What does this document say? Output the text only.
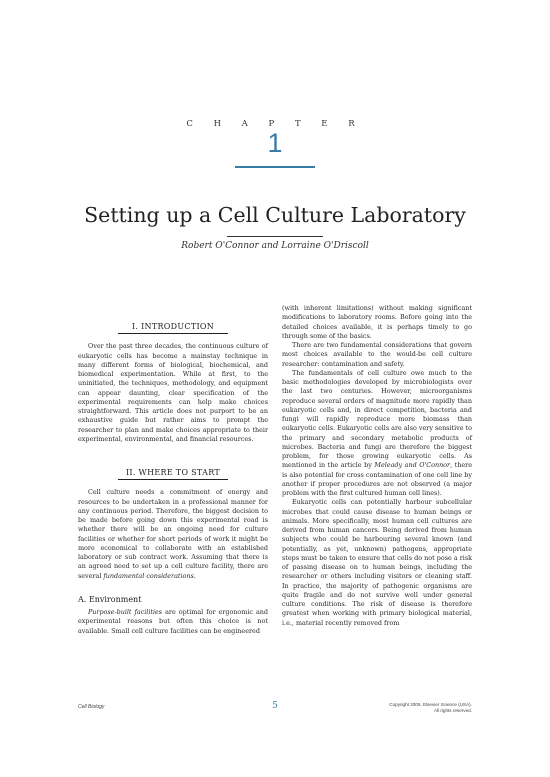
C H A P T E R
1
Setting up a Cell Culture Laboratory
Robert O'Connor and Lorraine O'Driscoll
I. INTRODUCTION

Over the past three decades, the continuous culture of eukaryotic cells has become a mainstay technique in many different forms of biological, biochemical, and biomedical experimentation. While at first, to the uninitiated, the techniques, methodology, and equipment can appear daunting, clear specification of the experimental requirements can help make choices straightforward. This article does not purport to be an exhaustive guide but rather aims to prompt the researcher to plan and make choices appropriate to their experimental, environmental, and financial resources.

II. WHERE TO START

Cell culture needs a commitment of energy and resources to be undertaken in a professional manner for any continuous period. Therefore, the biggest decision to be made before going down this experimental road is whether there will be an ongoing need for culture facilities or whether for short periods of work it might be more economical to collaborate with an established laboratory or sub contract work. Assuming that there is an agreed need to set up a cell culture facility, there are several fundamental considerations.

A. Environment

Purpose-built facilities are optimal for ergonomic and experimental reasons but often this choice is not available. Small cell culture facilities can be engineered

(with inherent limitations) without making significant modifications to laboratory rooms. Before going into the detailed choices available, it is perhaps timely to go through some of the basics.

There are two fundamental considerations that govern most choices available to the would-be cell culture researcher: contamination and safety.

The fundamentals of cell culture owe much to the basic methodologies developed by microbiologists over the last two centuries. However, microorganisms reproduce several orders of magnitude more rapidly than eukaryotic cells and, in direct competition, bacteria and fungi will rapidly reproduce more biomass than eukaryotic cells. Eukaryotic cells are also very sensitive to the primary and secondary metabolic products of microbes. Bacteria and fungi are therefore the biggest problem, for those growing eukaryotic cells. As mentioned in the article by Meleady and O'Connor, there is also potential for cross contamination of one cell line by another if proper procedures are not observed (a major problem with the first cultured human cell lines).

Eukaryotic cells can potentially harbour subcellular microbes that could cause disease to human beings or animals. More specifically, most human cell cultures are derived from human cancers. Being derived from human subjects who could be harbouring several known (and potentially, as yet, unknown) pathogens, appropriate steps must be taken to ensure that cells do not pose a risk of passing disease on to human beings, including the researcher or others including visitors or cleaning staff. In practice, the majority of pathogenic organisms are quite fragile and do not survive well under general culture conditions. The risk of disease is therefore greatest when working with primary biological material, i.e., material recently removed from

Cell Biology	5	Copyright 2005, Elsevier Science (USA).
All rights reserved.
